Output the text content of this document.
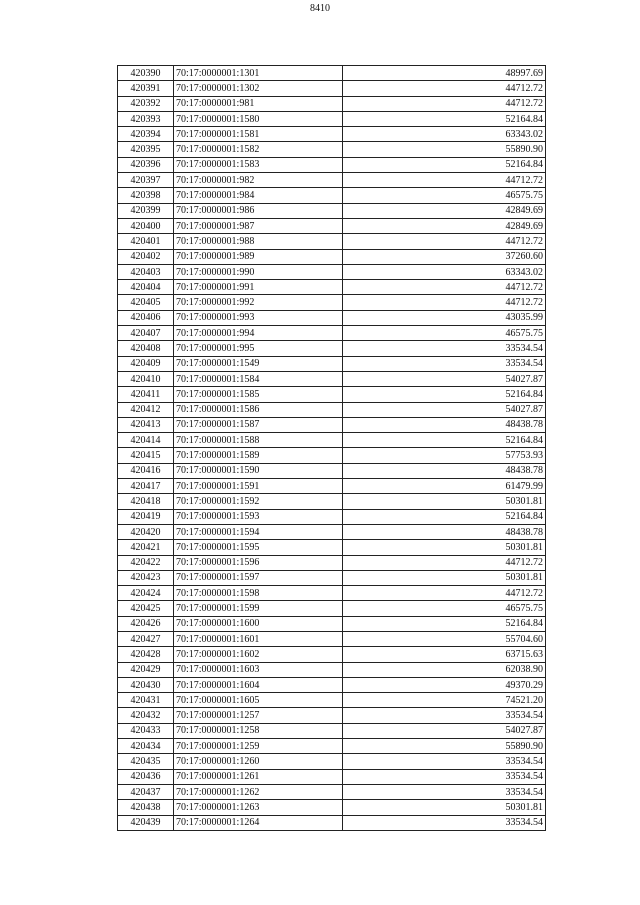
8410
420390	70:17:0000001:1301	48997.69
420391	70:17:0000001:1302	44712.72
420392	70:17:0000001:981	44712.72
420393	70:17:0000001:1580	52164.84
420394	70:17:0000001:1581	63343.02
420395	70:17:0000001:1582	55890.90
420396	70:17:0000001:1583	52164.84
420397	70:17:0000001:982	44712.72
420398	70:17:0000001:984	46575.75
420399	70:17:0000001:986	42849.69
420400	70:17:0000001:987	42849.69
420401	70:17:0000001:988	44712.72
420402	70:17:0000001:989	37260.60
420403	70:17:0000001:990	63343.02
420404	70:17:0000001:991	44712.72
420405	70:17:0000001:992	44712.72
420406	70:17:0000001:993	43035.99
420407	70:17:0000001:994	46575.75
420408	70:17:0000001:995	33534.54
420409	70:17:0000001:1549	33534.54
420410	70:17:0000001:1584	54027.87
420411	70:17:0000001:1585	52164.84
420412	70:17:0000001:1586	54027.87
420413	70:17:0000001:1587	48438.78
420414	70:17:0000001:1588	52164.84
420415	70:17:0000001:1589	57753.93
420416	70:17:0000001:1590	48438.78
420417	70:17:0000001:1591	61479.99
420418	70:17:0000001:1592	50301.81
420419	70:17:0000001:1593	52164.84
420420	70:17:0000001:1594	48438.78
420421	70:17:0000001:1595	50301.81
420422	70:17:0000001:1596	44712.72
420423	70:17:0000001:1597	50301.81
420424	70:17:0000001:1598	44712.72
420425	70:17:0000001:1599	46575.75
420426	70:17:0000001:1600	52164.84
420427	70:17:0000001:1601	55704.60
420428	70:17:0000001:1602	63715.63
420429	70:17:0000001:1603	62038.90
420430	70:17:0000001:1604	49370.29
420431	70:17:0000001:1605	74521.20
420432	70:17:0000001:1257	33534.54
420433	70:17:0000001:1258	54027.87
420434	70:17:0000001:1259	55890.90
420435	70:17:0000001:1260	33534.54
420436	70:17:0000001:1261	33534.54
420437	70:17:0000001:1262	33534.54
420438	70:17:0000001:1263	50301.81
420439	70:17:0000001:1264	33534.54
